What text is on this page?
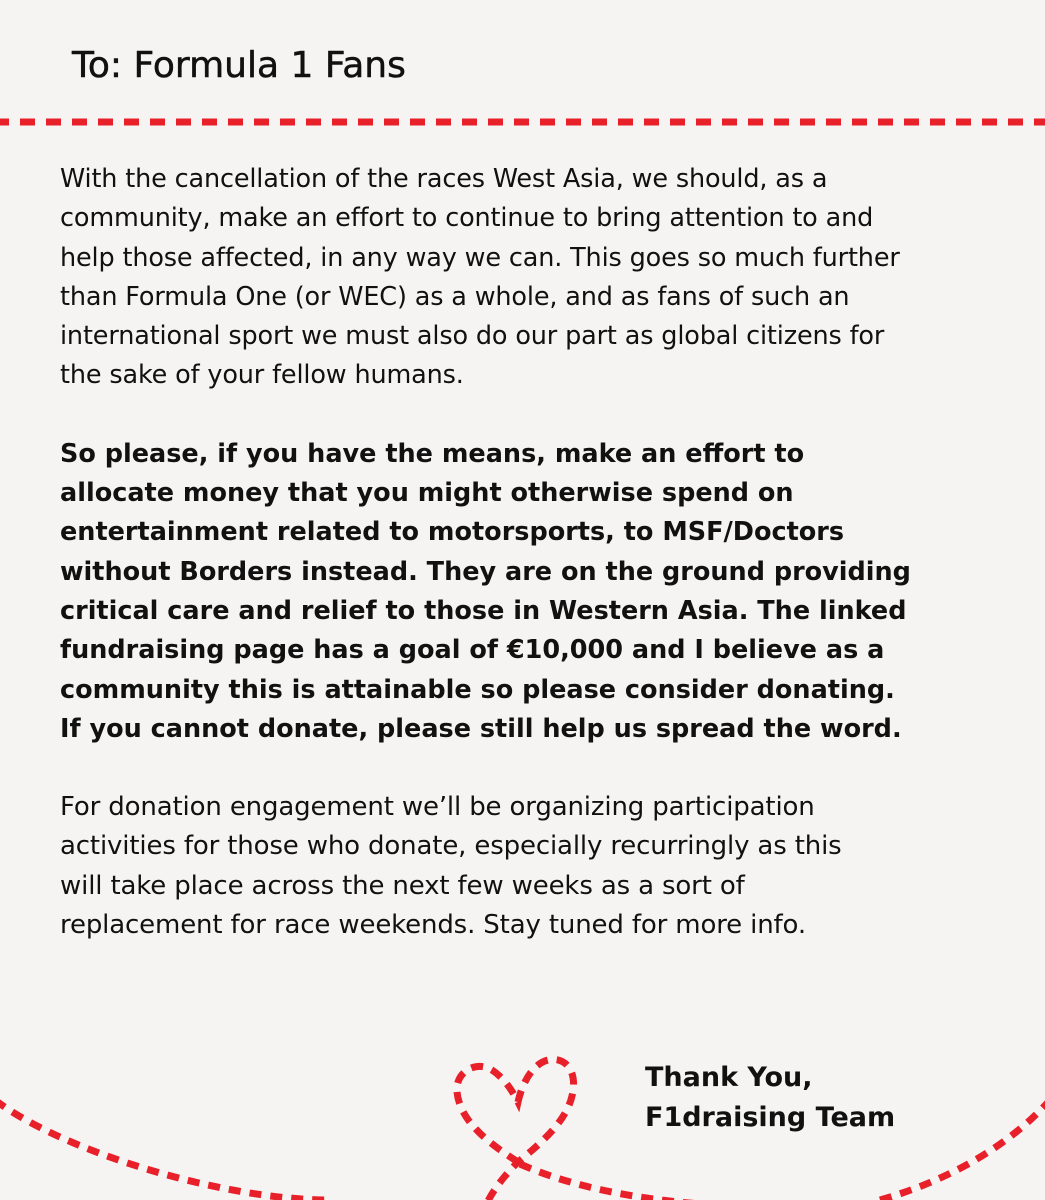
To: Formula 1 Fans

With the cancellation of the races West Asia, we should, as a
community, make an effort to continue to bring attention to and
help those affected, in any way we can. This goes so much further
than Formula One (or WEC) as a whole, and as fans of such an
international sport we must also do our part as global citizens for
the sake of your fellow humans.

So please, if you have the means, make an effort to
allocate money that you might otherwise spend on
entertainment related to motorsports, to MSF/Doctors
without Borders instead. They are on the ground providing
critical care and relief to those in Western Asia. The linked
fundraising page has a goal of €10,000 and I believe as a
community this is attainable so please consider donating.
If you cannot donate, please still help us spread the word.

For donation engagement we’ll be organizing participation
activities for those who donate, especially recurringly as this
will take place across the next few weeks as a sort of
replacement for race weekends. Stay tuned for more info.

Thank You,
F1draising Team
